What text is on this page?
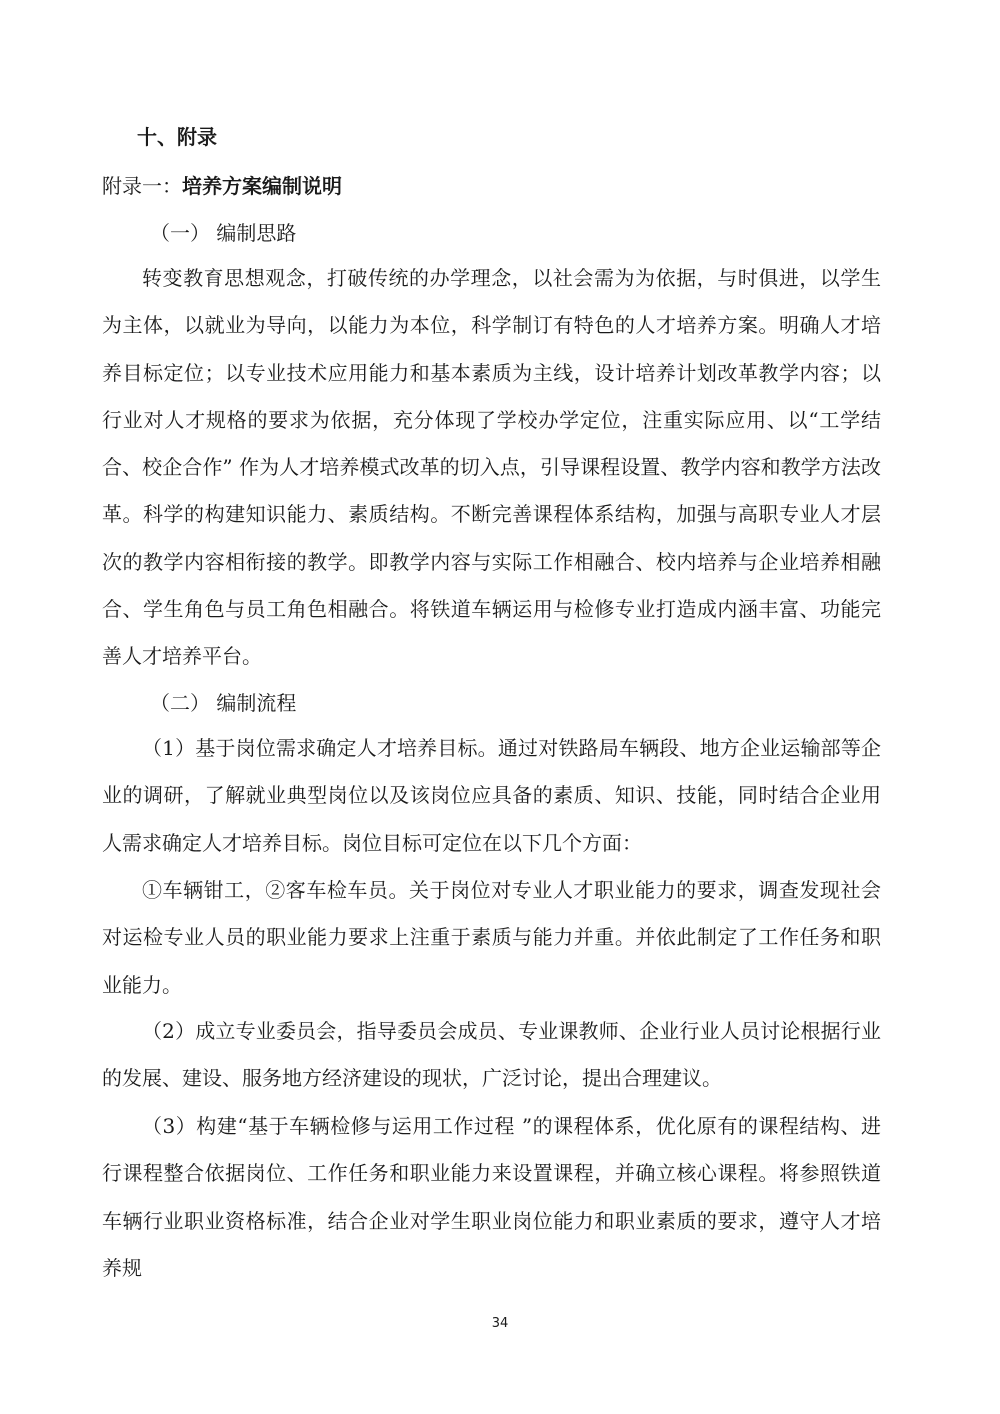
十、附录
附录一：培养方案编制说明
（一） 编制思路

转变教育思想观念，打破传统的办学理念，以社会需为为依据，与时俱进，以学生为主体，以就业为导向，以能力为本位，科学制订有特色的人才培养方案。明确人才培养目标定位；以专业技术应用能力和基本素质为主线，设计培养计划改革教学内容；以行业对人才规格的要求为依据，充分体现了学校办学定位，注重实际应用、以“工学结合、校企合作” 作为人才培养模式改革的切入点，引导课程设置、教学内容和教学方法改革。科学的构建知识能力、素质结构。不断完善课程体系结构，加强与高职专业人才层次的教学内容相衔接的教学。即教学内容与实际工作相融合、校内培养与企业培养相融合、学生角色与员工角色相融合。将铁道车辆运用与检修专业打造成内涵丰富、功能完善人才培养平台。

（二） 编制流程

（1）基于岗位需求确定人才培养目标。通过对铁路局车辆段、地方企业运输部等企业的调研，了解就业典型岗位以及该岗位应具备的素质、知识、技能，同时结合企业用人需求确定人才培养目标。岗位目标可定位在以下几个方面：

①车辆钳工，②客车检车员。关于岗位对专业人才职业能力的要求，调查发现社会对运检专业人员的职业能力要求上注重于素质与能力并重。并依此制定了工作任务和职业能力。

（2）成立专业委员会，指导委员会成员、专业课教师、企业行业人员讨论根据行业的发展、建设、服务地方经济建设的现状，广泛讨论，提出合理建议。

（3）构建“基于车辆检修与运用工作过程 ”的课程体系，优化原有的课程结构、进行课程整合依据岗位、工作任务和职业能力来设置课程，并确立核心课程。将参照铁道车辆行业职业资格标准，结合企业对学生职业岗位能力和职业素质的要求，遵守人才培养规

34
